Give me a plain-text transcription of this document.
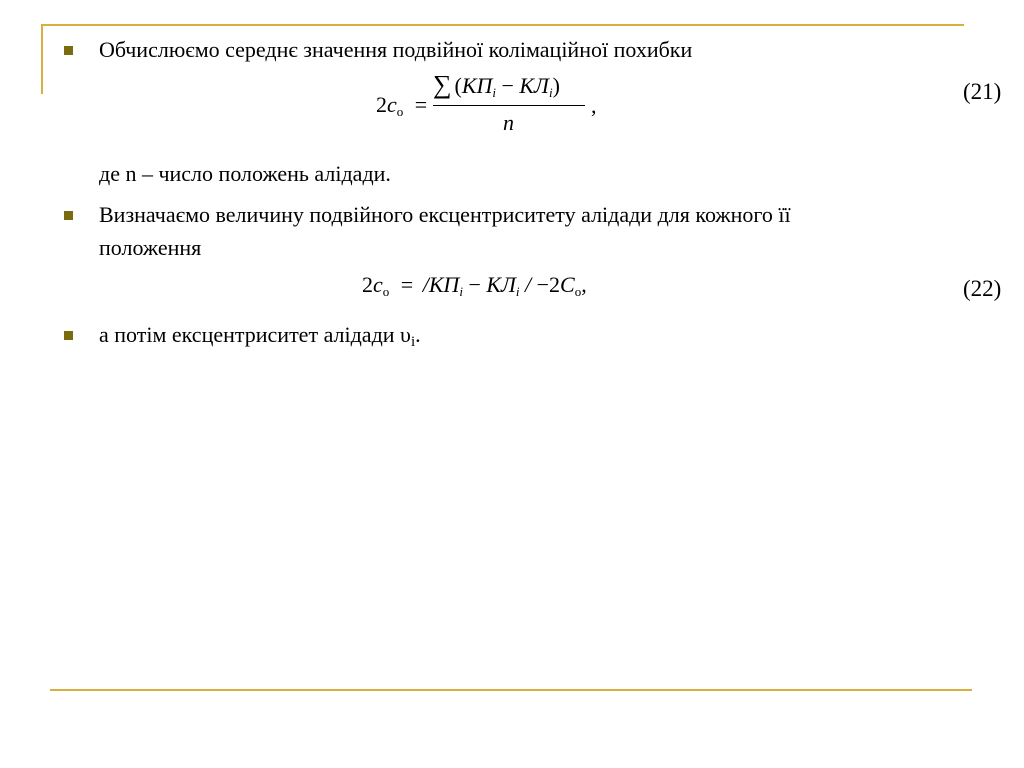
Обчислюємо середнє значення подвійної колімаційної похибки
$2c_o$ =
∑ $(КП_i - КЛ_i)$
n
,
(21)
де n – число положень алідади.
Визначаємо величину подвійного ексцентриситету алідади для кожного її
положення
$2c_o = /КП_i - КЛ_i / -2C_o$,	(22)
а потім ексцентриситет алідади $\upsilon_і$.
